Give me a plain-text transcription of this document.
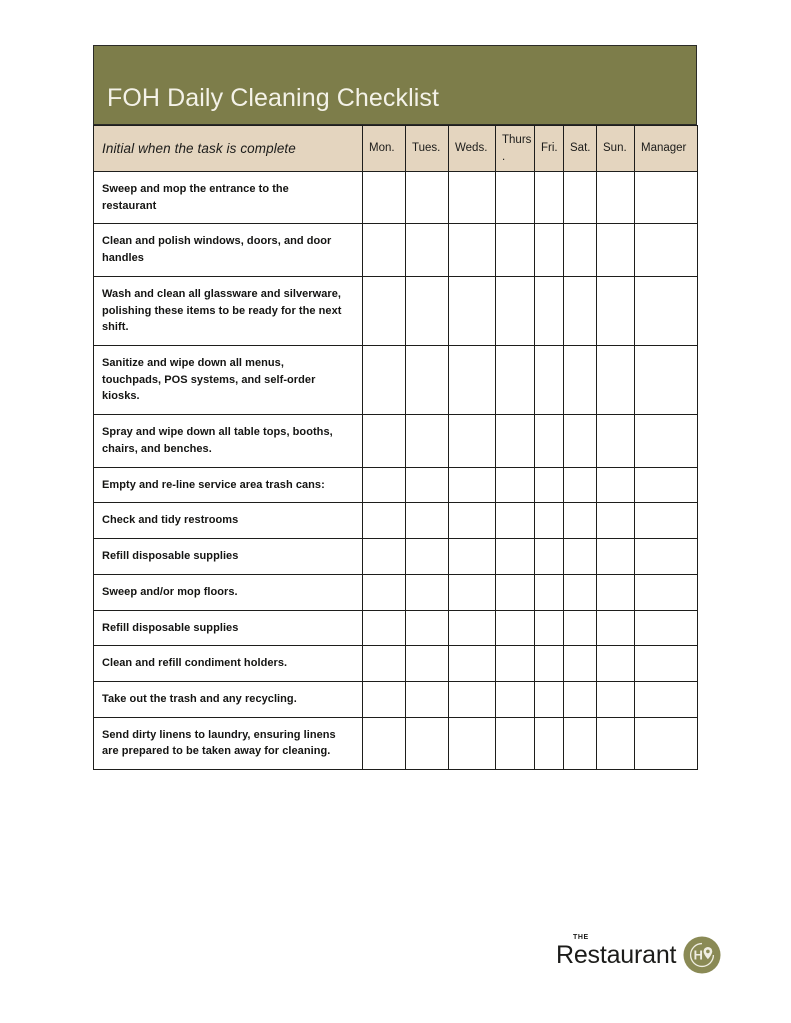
FOH Daily Cleaning Checklist
Initial when the task is complete	Mon.	Tues.	Weds.	Thurs.	Fri.	Sat.	Sun.	Manager
Sweep and mop the entrance to the restaurant								
Clean and polish windows, doors, and door handles								
Wash and clean all glassware and silverware, polishing these items to be ready for the next shift.								
Sanitize and wipe down all menus, touchpads, POS systems, and self-order kiosks.								
Spray and wipe down all table tops, booths, chairs, and benches.								
Empty and re-line service area trash cans:								
Check and tidy restrooms								
Refill disposable supplies								
Sweep and/or mop floors.								
Refill disposable supplies								
Clean and refill condiment holders.								
Take out the trash and any recycling.								
Send dirty linens to laundry, ensuring linens are prepared to be taken away for cleaning.								
THE
Restaurant H
